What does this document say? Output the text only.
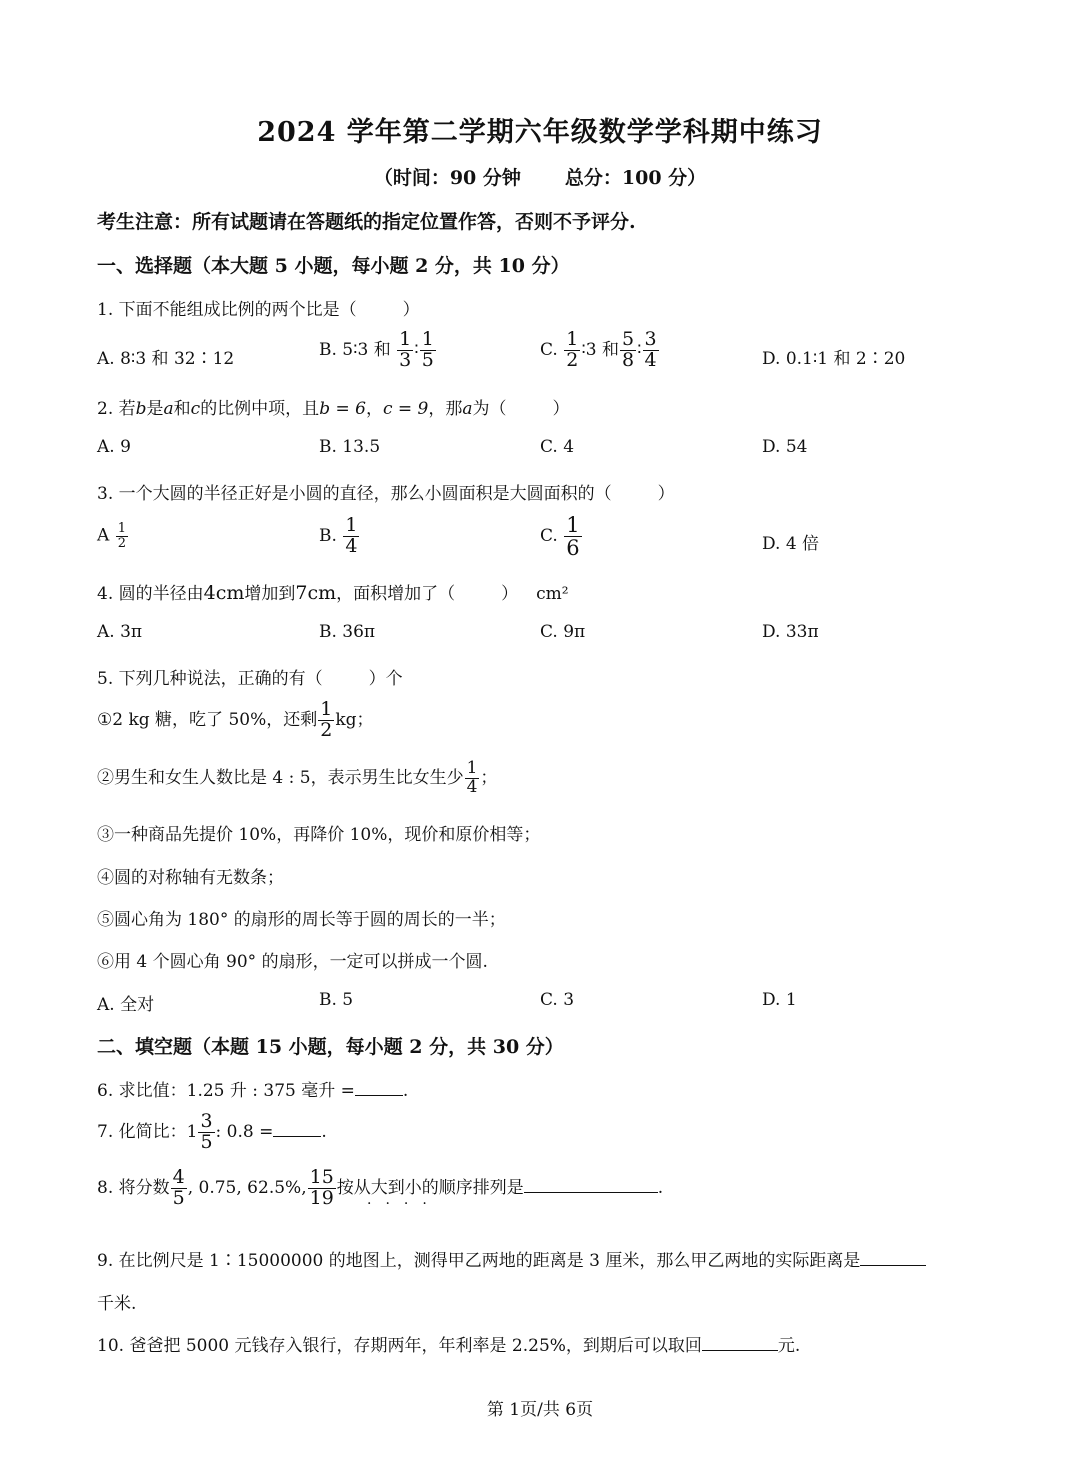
2024 学年第二学期六年级数学学科期中练习
（时间：90 分钟 总分：100 分）
考生注意：所有试题请在答题纸的指定位置作答，否则不予评分.
一、选择题（本大题 5 小题，每小题 2 分，共 10 分）
1. 下面不能组成比例的两个比是（	）
A. 8∶3 和 32∶12	B. 5∶3 和 $\frac{1}{3}$ ∶ $\frac{1}{5}$	C. $\frac{1}{2}$ ∶3 和 $\frac{5}{8}$ ∶ $\frac{3}{4}$	D. 0.1∶1 和 2∶20
2. 若b是a和c的比例中项，且b = 6，c = 9，那a为（	）
A. 9	B. 13.5	C. 4	D. 54
3. 一个大圆的半径正好是小圆的直径，那么小圆面积是大圆面积的（	）
A $\frac{1}{2}$	B. $\frac{1}{4}$	C. $\frac{1}{6}$	D. 4 倍
4. 圆的半径由4cm增加到7cm，面积增加了（	） cm²
A. 3π	B. 36π	C. 9π	D. 33π
5. 下列几种说法，正确的有（	）个
①2 kg 糖，吃了 50%，还剩 $\frac{1}{2}$ kg；
②男生和女生人数比是 4 : 5，表示男生比女生少 $\frac{1}{4}$ ；
③一种商品先提价 10%，再降价 10%，现价和原价相等；
④圆的对称轴有无数条；
⑤圆心角为 180° 的扇形的周长等于圆的周长的一半；
⑥用 4 个圆心角 90° 的扇形，一定可以拼成一个圆.
A. 全对	B. 5	C. 3	D. 1
二、填空题（本题 15 小题，每小题 2 分，共 30 分）
6. 求比值：1.25 升 : 375 毫升 =	.
7. 化简比：$1 \frac{3}{5}$ : 0.8 =	.
8. 将分数 $\frac{4}{5}$ , 0.75, 62.5%, $\frac{15}{19}$ 按从大到小的顺序排列是	.
····
9. 在比例尺是 1∶15000000 的地图上，测得甲乙两地的距离是 3 厘米，那么甲乙两地的实际距离是
千米.
10. 爸爸把 5000 元钱存入银行，存期两年，年利率是 2.25%，到期后可以取回	元.
第 1页/共 6页
